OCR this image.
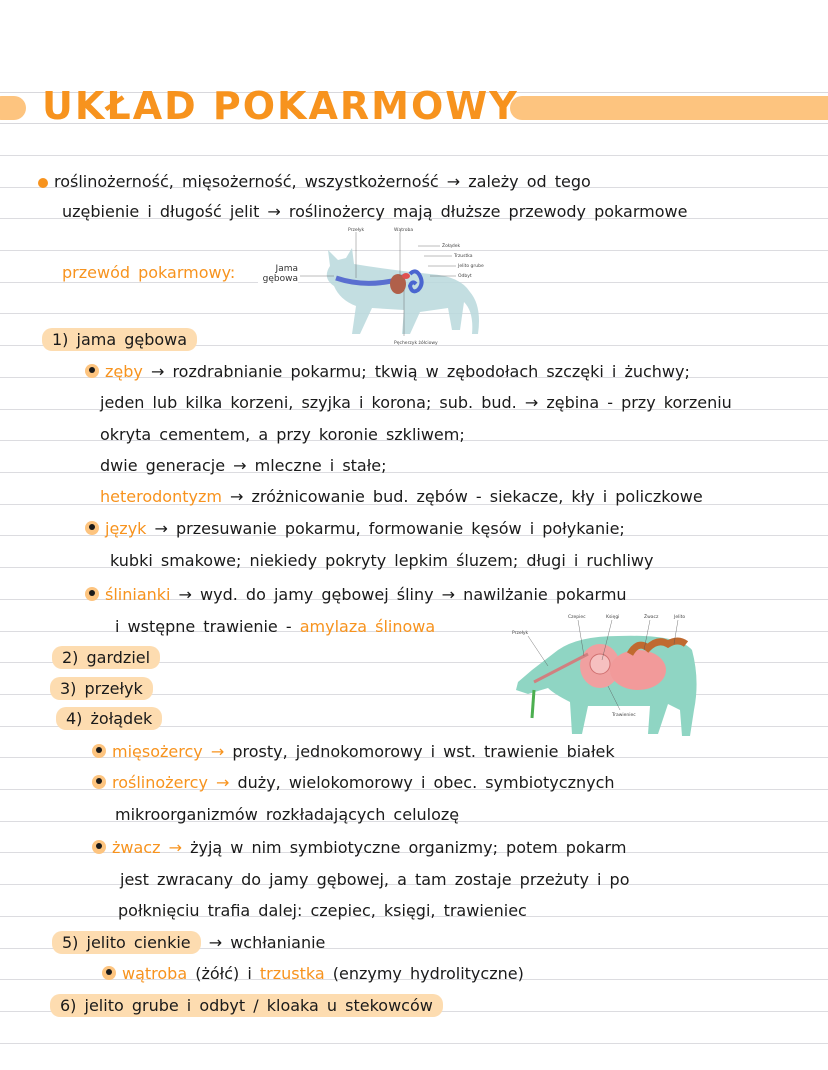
UKŁAD POKARMOWY
roślinożerność, mięsożerność, wszystkożerność → zależy od tego
uzębienie i długość jelit → roślinożercy mają dłuższe przewody pokarmowe
przewód pokarmowy:
1) jama gębowa
zęby → rozdrabnianie pokarmu; tkwią w zębodołach szczęki i żuchwy;
jeden lub kilka korzeni, szyjka i korona; sub. bud. → zębina - przy korzeniu
okryta cementem, a przy koronie szkliwem;
dwie generacje → mleczne i stałe;
heterodontyzm → zróżnicowanie bud. zębów - siekacze, kły i policzkowe
język → przesuwanie pokarmu, formowanie kęsów i połykanie;
kubki smakowe; niekiedy pokryty lepkim śluzem; długi i ruchliwy
ślinianki → wyd. do jamy gębowej śliny → nawilżanie pokarmu
i wstępne trawienie - amylaza ślinowa
2) gardziel
3) przełyk
4) żołądek
mięsożercy → prosty, jednokomorowy i wst. trawienie białek
roślinożercy → duży, wielokomorowy i obec. symbiotycznych
mikroorganizmów rozkładających celulozę
żwacz → żyją w nim symbiotyczne organizmy; potem pokarm
jest zwracany do jamy gębowej, a tam zostaje przeżuty i po
połknięciu trafia dalej: czepiec, księgi, trawieniec
5) jelito cienkie → wchłanianie
wątroba (żółć) i trzustka (enzymy hydrolityczne)
6) jelito grube i odbyt / kloaka u stekowców
Przełyk	Wątroba
Żołądek
Trzustka
Jelito grube
Odbyt
Pęcherzyk żółciowy
Jama gębowa
Czepiec	Księgi	Żwacz	Jelito
Przełyk
Trawieniec
